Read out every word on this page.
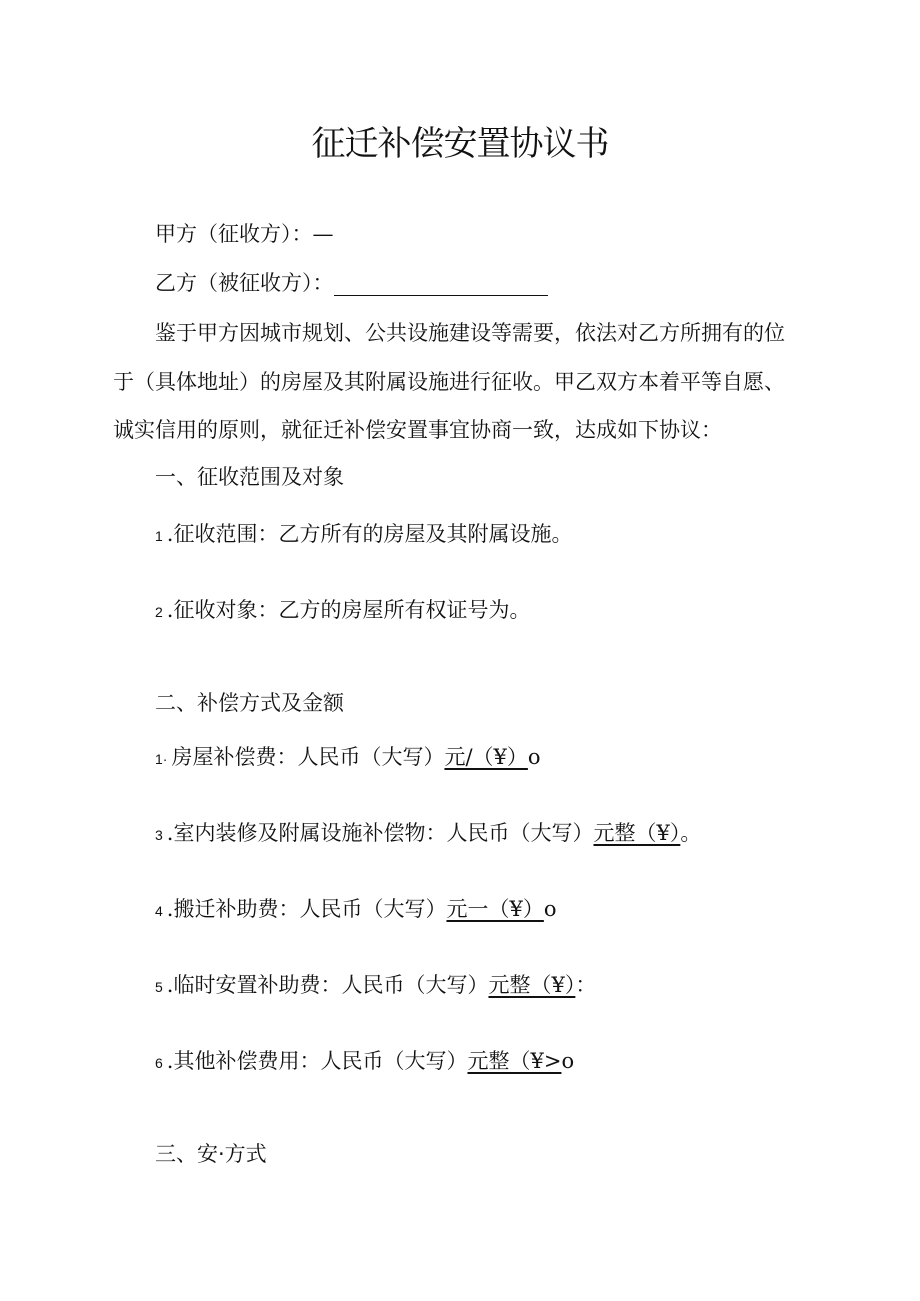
征迁补偿安置协议书
甲方（征收方）：—
乙方（被征收方）：
鉴于甲方因城市规划、公共设施建设等需要，依法对乙方所拥有的位
于（具体地址）的房屋及其附属设施进行征收。甲乙双方本着平等自愿、
诚实信用的原则，就征迁补偿安置事宜协商一致，达成如下协议：
一、征收范围及对象
1 .征收范围：乙方所有的房屋及其附属设施。
2 .征收对象：乙方的房屋所有权证号为。
二、补偿方式及金额
1· 房屋补偿费：人民币（大写）元/（¥）o
3 .室内装修及附属设施补偿物：人民币（大写）元整（¥）。
4 .搬迁补助费：人民币（大写）元一（¥）o
5 .临时安置补助费：人民币（大写）元整（¥）：
6 .其他补偿费用：人民币（大写）元整（¥>o
三、安·方式
